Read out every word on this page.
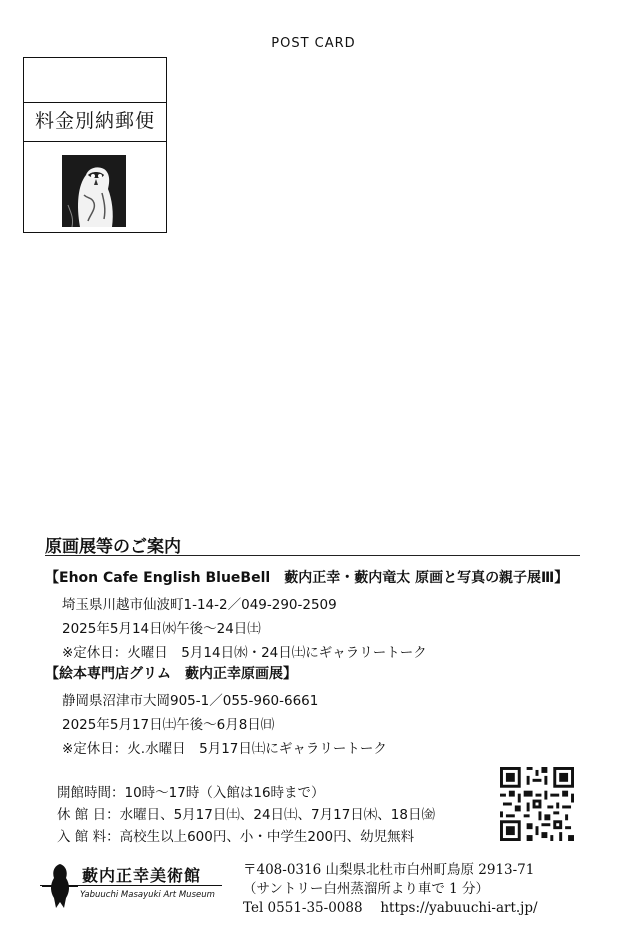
POST CARD
料金別納郵便
原画展等のご案内
【Ehon Cafe English BlueBell　藪内正幸・藪内竜太 原画と写真の親子展Ⅲ】
埼玉県川越市仙波町1-14-2／049-290-2509
2025年5月14日㈬午後〜24日㈯
※定休日：火曜日　5月14日㈬・24日㈯にギャラリートーク
【絵本専門店グリム　藪内正幸原画展】
静岡県沼津市大岡905-1／055-960-6661
2025年5月17日㈯午後〜6月8日㈰
※定休日：火.水曜日　5月17日㈯にギャラリートーク
開館時間：10時〜17時（入館は16時まで）
休 館 日：水曜日、5月17日㈯、24日㈯、7月17日㈭、18日㈮
入 館 料：高校生以上600円、小・中学生200円、幼児無料
藪内正幸美術館
Yabuuchi Masayuki Art Museum
〒408-0316 山梨県北杜市白州町鳥原 2913-71
（サントリー白州蒸溜所より車で 1 分）
Tel 0551-35-0088　 https://yabuuchi-art.jp/
